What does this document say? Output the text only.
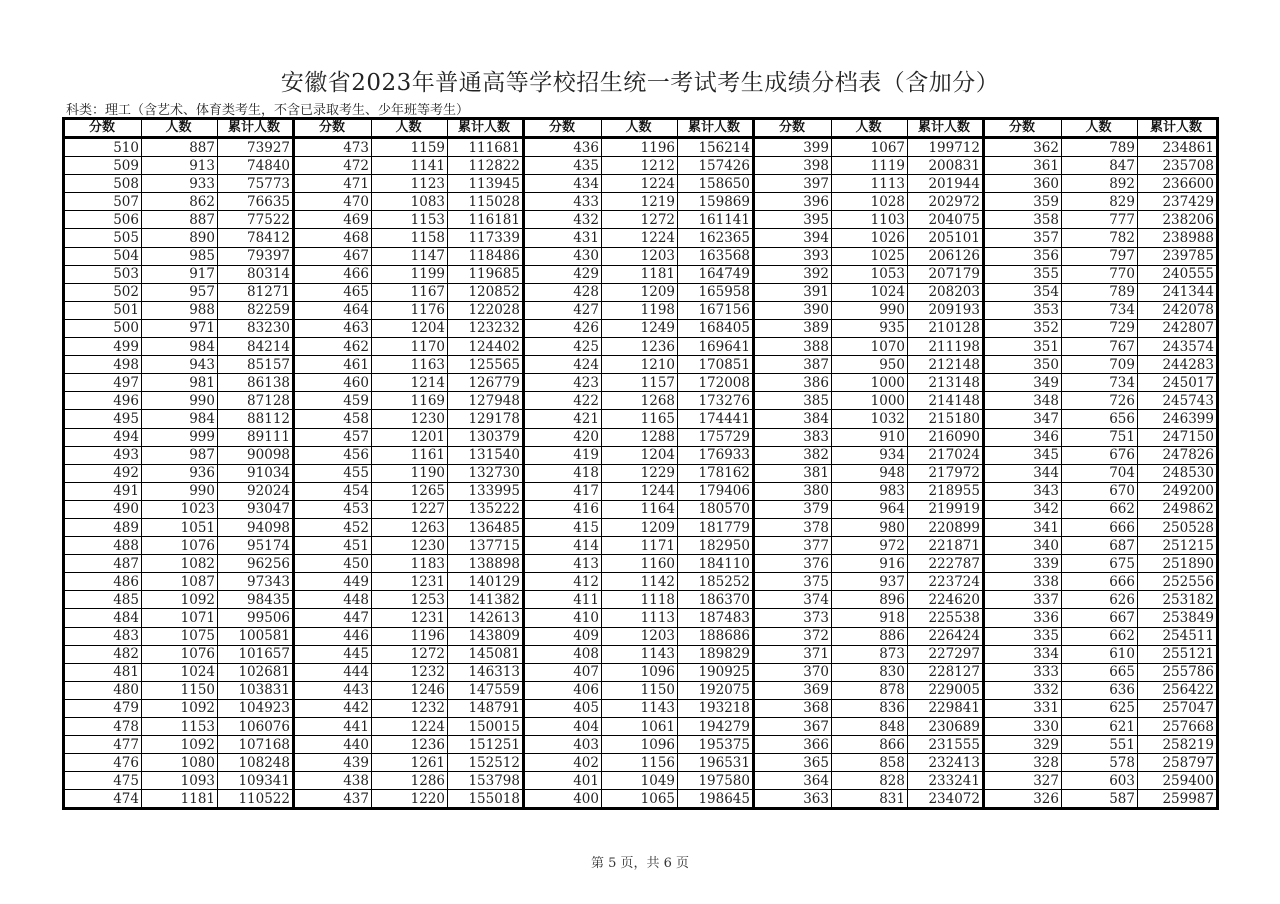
安徽省2023年普通高等学校招生统一考试考生成绩分档表（含加分）
科类：理工（含艺术、体育类考生，不含已录取考生、少年班等考生）
分数	人数	累计人数	分数	人数	累计人数	分数	人数	累计人数	分数	人数	累计人数	分数	人数	累计人数
510	887	73927	473	1159	111681	436	1196	156214	399	1067	199712	362	789	234861
509	913	74840	472	1141	112822	435	1212	157426	398	1119	200831	361	847	235708
508	933	75773	471	1123	113945	434	1224	158650	397	1113	201944	360	892	236600
507	862	76635	470	1083	115028	433	1219	159869	396	1028	202972	359	829	237429
506	887	77522	469	1153	116181	432	1272	161141	395	1103	204075	358	777	238206
505	890	78412	468	1158	117339	431	1224	162365	394	1026	205101	357	782	238988
504	985	79397	467	1147	118486	430	1203	163568	393	1025	206126	356	797	239785
503	917	80314	466	1199	119685	429	1181	164749	392	1053	207179	355	770	240555
502	957	81271	465	1167	120852	428	1209	165958	391	1024	208203	354	789	241344
501	988	82259	464	1176	122028	427	1198	167156	390	990	209193	353	734	242078
500	971	83230	463	1204	123232	426	1249	168405	389	935	210128	352	729	242807
499	984	84214	462	1170	124402	425	1236	169641	388	1070	211198	351	767	243574
498	943	85157	461	1163	125565	424	1210	170851	387	950	212148	350	709	244283
497	981	86138	460	1214	126779	423	1157	172008	386	1000	213148	349	734	245017
496	990	87128	459	1169	127948	422	1268	173276	385	1000	214148	348	726	245743
495	984	88112	458	1230	129178	421	1165	174441	384	1032	215180	347	656	246399
494	999	89111	457	1201	130379	420	1288	175729	383	910	216090	346	751	247150
493	987	90098	456	1161	131540	419	1204	176933	382	934	217024	345	676	247826
492	936	91034	455	1190	132730	418	1229	178162	381	948	217972	344	704	248530
491	990	92024	454	1265	133995	417	1244	179406	380	983	218955	343	670	249200
490	1023	93047	453	1227	135222	416	1164	180570	379	964	219919	342	662	249862
489	1051	94098	452	1263	136485	415	1209	181779	378	980	220899	341	666	250528
488	1076	95174	451	1230	137715	414	1171	182950	377	972	221871	340	687	251215
487	1082	96256	450	1183	138898	413	1160	184110	376	916	222787	339	675	251890
486	1087	97343	449	1231	140129	412	1142	185252	375	937	223724	338	666	252556
485	1092	98435	448	1253	141382	411	1118	186370	374	896	224620	337	626	253182
484	1071	99506	447	1231	142613	410	1113	187483	373	918	225538	336	667	253849
483	1075	100581	446	1196	143809	409	1203	188686	372	886	226424	335	662	254511
482	1076	101657	445	1272	145081	408	1143	189829	371	873	227297	334	610	255121
481	1024	102681	444	1232	146313	407	1096	190925	370	830	228127	333	665	255786
480	1150	103831	443	1246	147559	406	1150	192075	369	878	229005	332	636	256422
479	1092	104923	442	1232	148791	405	1143	193218	368	836	229841	331	625	257047
478	1153	106076	441	1224	150015	404	1061	194279	367	848	230689	330	621	257668
477	1092	107168	440	1236	151251	403	1096	195375	366	866	231555	329	551	258219
476	1080	108248	439	1261	152512	402	1156	196531	365	858	232413	328	578	258797
475	1093	109341	438	1286	153798	401	1049	197580	364	828	233241	327	603	259400
474	1181	110522	437	1220	155018	400	1065	198645	363	831	234072	326	587	259987
第 5 页，共 6 页
